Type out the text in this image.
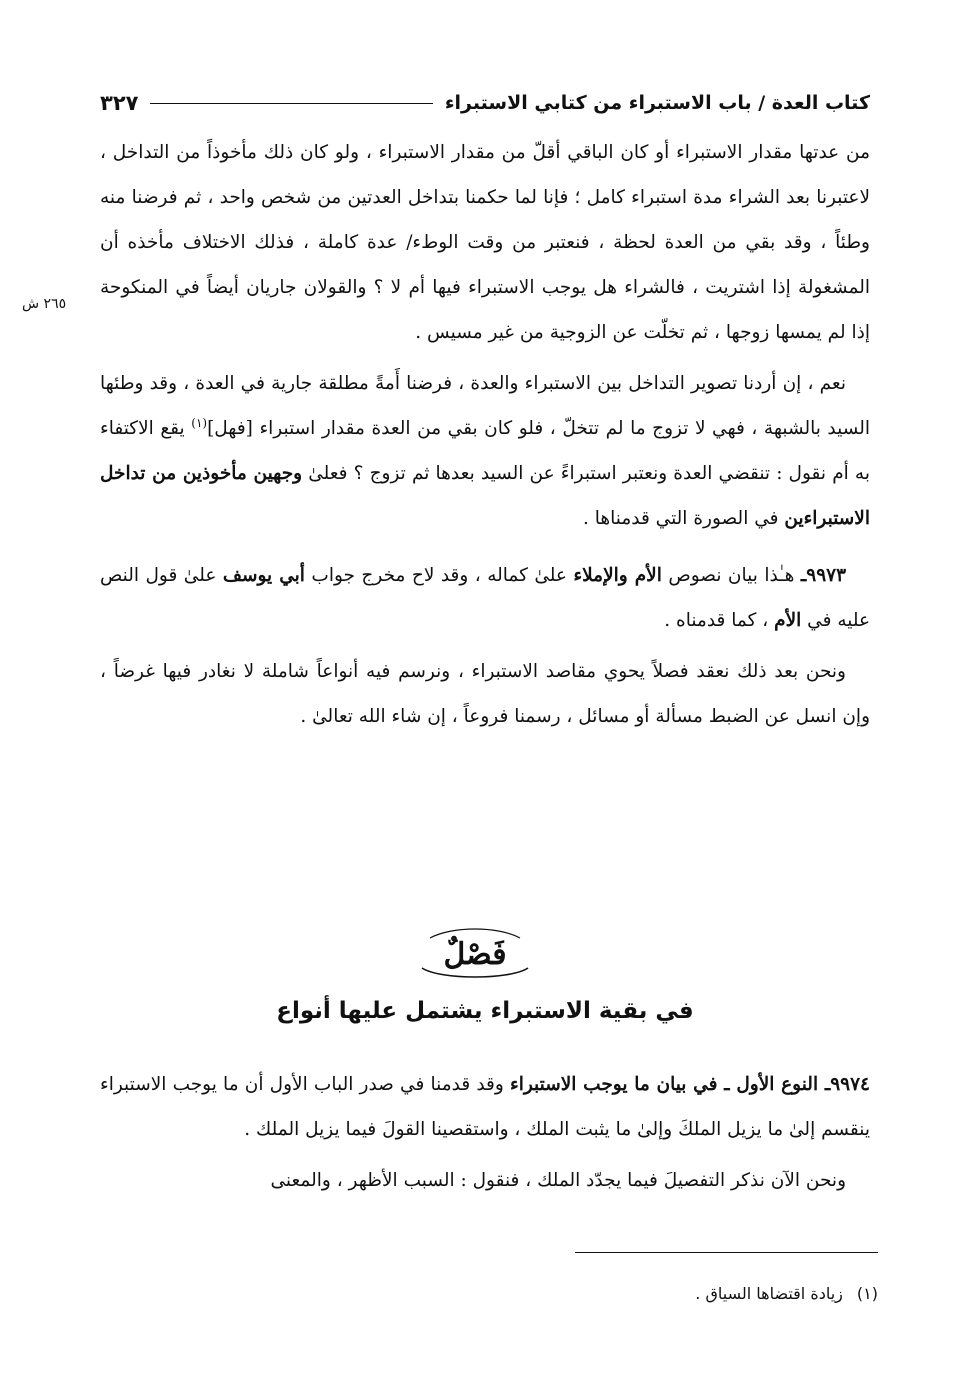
كتاب العدة / باب الاستبراء من كتابي الاستبراء
٣٢٧
٢٦٥ ش

من عدتها مقدار الاستبراء أو كان الباقي أقلّ من مقدار الاستبراء ، ولو كان ذلك مأخوذاً من التداخل ، لاعتبرنا بعد الشراء مدة استبراء كامل ؛ فإنا لما حكمنا بتداخل العدتين من شخص واحد ، ثم فرضنا منه وطئاً ، وقد بقي من العدة لحظة ، فنعتبر من وقت الوطء/ عدة كاملة ، فذلك الاختلاف مأخذه أن المشغولة إذا اشتريت ، فالشراء هل يوجب الاستبراء فيها أم لا ؟ والقولان جاريان أيضاً في المنكوحة إذا لم يمسها زوجها ، ثم تخلّت عن الزوجية من غير مسيس .

نعم ، إن أردنا تصوير التداخل بين الاستبراء والعدة ، فرضنا أَمةً مطلقة جارية في العدة ، وقد وطئها السيد بالشبهة ، فهي لا تزوج ما لم تتخلّ ، فلو كان بقي من العدة مقدار استبراء [فهل]$^{(١)}$ يقع الاكتفاء به أم نقول : تنقضي العدة ونعتبر استبراءً عن السيد بعدها ثم تزوج ؟ فعلىٰ وجهين مأخوذين من تداخل الاستبراءين في الصورة التي قدمناها .

٩٩٧٣ـ هـٰذا بيان نصوص الأم والإملاء علىٰ كماله ، وقد لاح مخرج جواب أبي يوسف علىٰ قول النص عليه في الأم ، كما قدمناه .

ونحن بعد ذلك نعقد فصلاً يحوي مقاصد الاستبراء ، ونرسم فيه أنواعاً شاملة لا نغادر فيها غرضاً ، وإن انسل عن الضبط مسألة أو مسائل ، رسمنا فروعاً ، إن شاء الله تعالىٰ .

فَصْلٌ
في بقية الاستبراء يشتمل عليها أنواع

٩٩٧٤ـ النوع الأول ـ في بيان ما يوجب الاستبراء وقد قدمنا في صدر الباب الأول أن ما يوجب الاستبراء ينقسم إلىٰ ما يزيل الملكَ وإلىٰ ما يثبت الملك ، واستقصينا القولَ فيما يزيل الملك .

ونحن الآن نذكر التفصيلَ فيما يجدّد الملك ، فنقول : السبب الأظهر ، والمعنى

(١)زيادة اقتضاها السياق .
